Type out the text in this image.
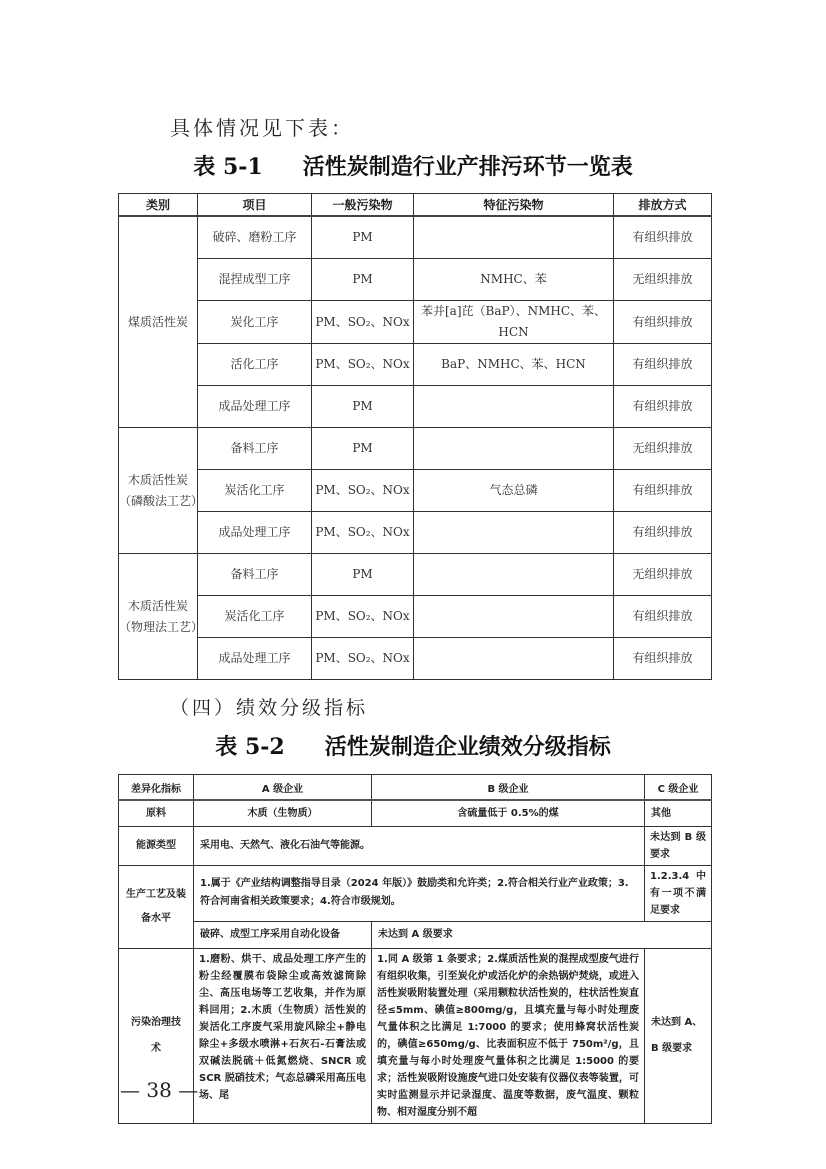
具体情况见下表：
表 5-1 活性炭制造行业产排污环节一览表
类别	项目	一般污染物	特征污染物	排放方式
煤质活性炭	破碎、磨粉工序	PM		有组织排放
	混捏成型工序	PM	NMHC、苯	无组织排放
	炭化工序	PM、SO₂、NOx	苯并[a]芘（BaP）、NMHC、苯、HCN	有组织排放
	活化工序	PM、SO₂、NOx	BaP、NMHC、苯、HCN	有组织排放
	成品处理工序	PM		有组织排放
木质活性炭（磷酸法工艺）	备料工序	PM		无组织排放
	炭活化工序	PM、SO₂、NOx	气态总磷	有组织排放
	成品处理工序	PM、SO₂、NOx		有组织排放
木质活性炭（物理法工艺）	备料工序	PM		无组织排放
	炭活化工序	PM、SO₂、NOx		有组织排放
	成品处理工序	PM、SO₂、NOx		有组织排放
（四）绩效分级指标
表 5-2 活性炭制造企业绩效分级指标
差异化指标	A 级企业	B 级企业	C 级企业
原料	木质（生物质）	含硫量低于 0.5%的煤	其他
能源类型	采用电、天然气、液化石油气等能源。		未达到 B 级要求
生产工艺及装备水平	1.属于《产业结构调整指导目录（2024 年版）》鼓励类和允许类；2.符合相关行业产业政策；3.符合河南省相关政策要求；4.符合市级规划。		1.2.3.4 中有一项不满足要求
	破碎、成型工序采用自动化设备	未达到 A 级要求	
污染治理技术	1.磨粉、烘干、成品处理工序产生的粉尘经覆膜布袋除尘或高效滤筒除尘、高压电场等工艺收集，并作为原料回用；2.木质（生物质）活性炭的炭活化工序废气采用旋风除尘+静电除尘+多级水喷淋+石灰石-石膏法或双碱法脱硫＋低氮燃烧、SNCR 或 SCR 脱硝技术；气态总磷采用高压电场、尾	1.同 A 级第 1 条要求；2.煤质活性炭的混捏成型废气进行有组织收集，引至炭化炉或活化炉的余热锅炉焚烧，或进入活性炭吸附装置处理（采用颗粒状活性炭的，柱状活性炭直径≤5mm、碘值≥800mg/g，且填充量与每小时处理废气量体积之比满足 1:7000 的要求；使用蜂窝状活性炭的，碘值≥650mg/g、比表面积应不低于 750m²/g，且填充量与每小时处理废气量体积之比满足 1:5000 的要求；活性炭吸附设施废气进口处安装有仪器仪表等装置，可实时监测显示并记录湿度、温度等数据，废气温度、颗粒物、相对湿度分别不超	未达到 A、B 级要求
— 38 —
